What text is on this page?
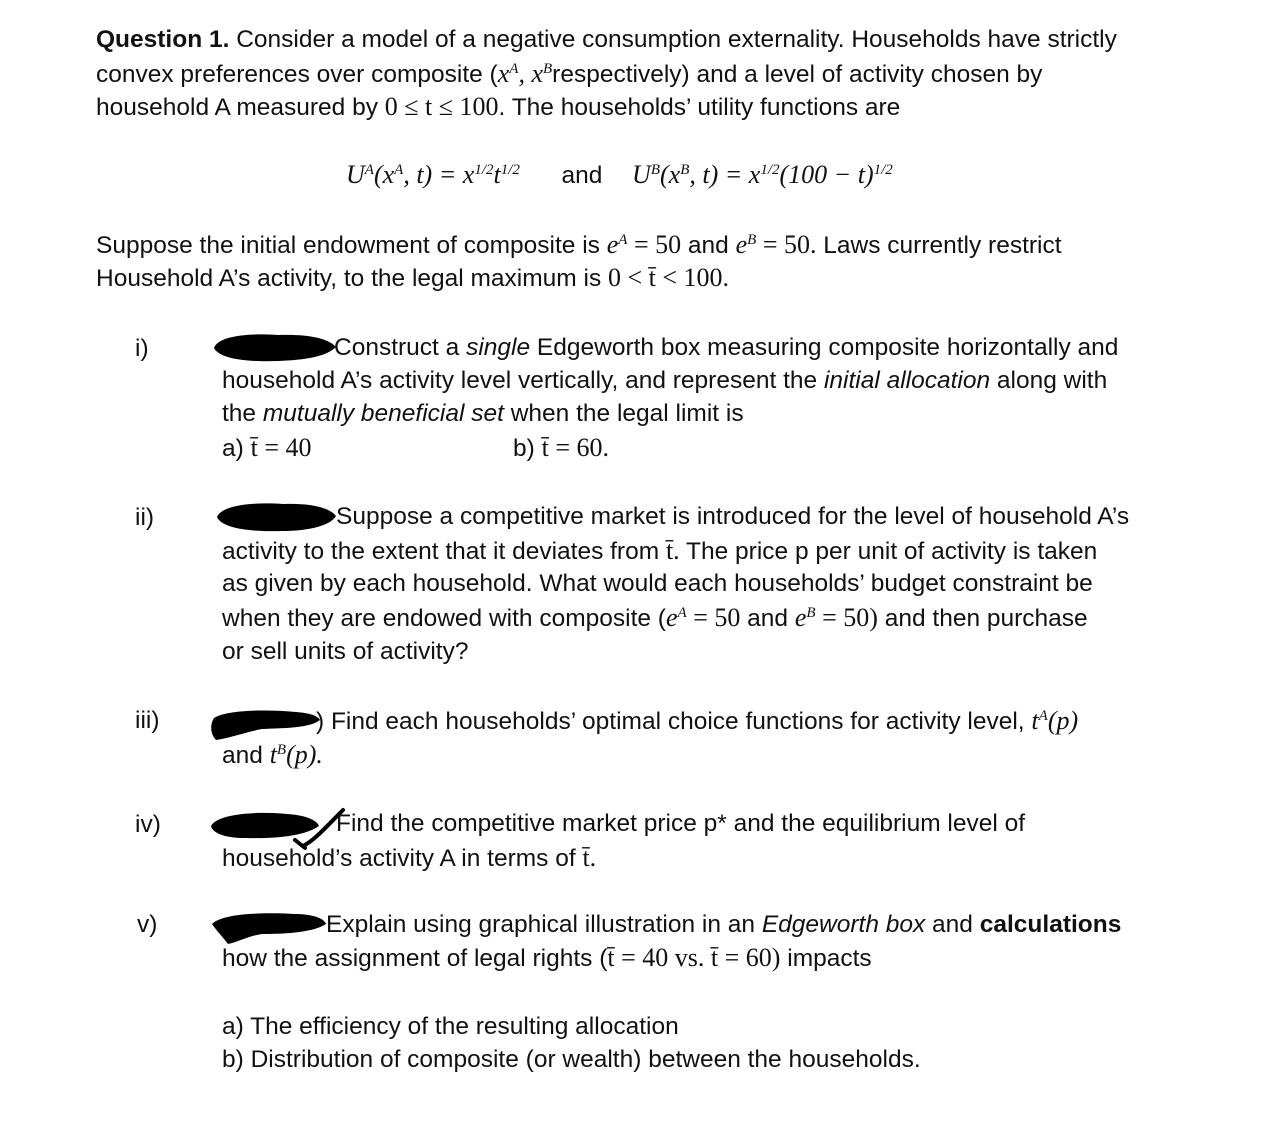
Question 1. Consider a model of a negative consumption externality. Households have strictly
convex preferences over composite ($x^A$, $x^Brespectively$) and a level of activity chosen by
household A measured by 0 ≤ t ≤ 100. The households’ utility functions are
$U^A(x^A$, $t) = x^{1/2}t^{1/2}$ and $U^B(x^B$, $t) = x^{1/2}(100 - t)^{1/2}$
Suppose the initial endowment of composite is $e^A = 50$ and $e^B = 50$. Laws currently restrict
Household A’s activity, to the legal maximum is 0 < t̄ < 100.
i)	Construct a single Edgeworth box measuring composite horizontally and
household A’s activity level vertically, and represent the initial allocation along with
the mutually beneficial set when the legal limit is
a) t̄ = 40	b) t̄ = 60.
ii)	Suppose a competitive market is introduced for the level of household A’s
activity to the extent that it deviates from t̄. The price p per unit of activity is taken
as given by each household. What would each households’ budget constraint be
when they are endowed with composite ($e^A = 50$ and $e^B = 50$) and then purchase
or sell units of activity?
iii)	) Find each households’ optimal choice functions for activity level, $t^A(p)$
and $t^B(p)$.
iv)	Find the competitive market price p* and the equilibrium level of
household’s activity A in terms of t̄.
v)	Explain using graphical illustration in an Edgeworth box and calculations
how the assignment of legal rights (t̄ = 40 vs. t̄ = 60) impacts
a) The efficiency of the resulting allocation
b) Distribution of composite (or wealth) between the households.
